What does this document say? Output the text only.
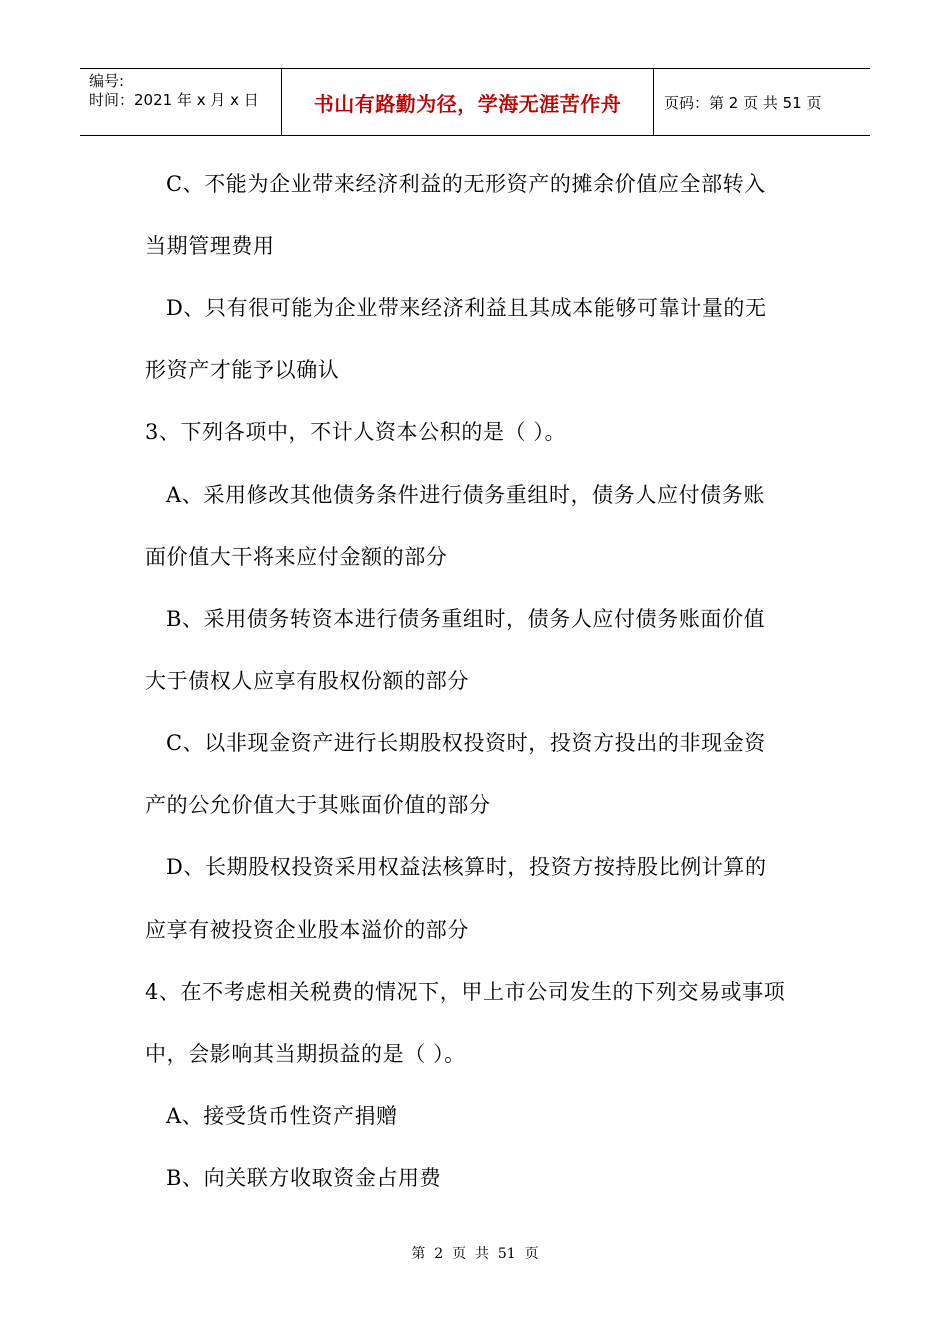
编号:
时间：2021 年 x 月 x 日	书山有路勤为径，学海无涯苦作舟	页码：第 2 页 共 51 页
C、不能为企业带来经济利益的无形资产的摊余价值应全部转入
当期管理费用
D、只有很可能为企业带来经济利益且其成本能够可靠计量的无
形资产才能予以确认
3、下列各项中，不计人资本公积的是（ ）。
A、采用修改其他债务条件进行债务重组时，债务人应付债务账
面价值大干将来应付金额的部分
B、采用债务转资本进行债务重组时，债务人应付债务账面价值
大于债权人应享有股权份额的部分
C、以非现金资产进行长期股权投资时，投资方投出的非现金资
产的公允价值大于其账面价值的部分
D、长期股权投资采用权益法核算时，投资方按持股比例计算的
应享有被投资企业股本溢价的部分
4、在不考虑相关税费的情况下，甲上市公司发生的下列交易或事项
中，会影响其当期损益的是（ ）。
A、接受货币性资产捐赠
B、向关联方收取资金占用费
第  2  页  共  51  页
